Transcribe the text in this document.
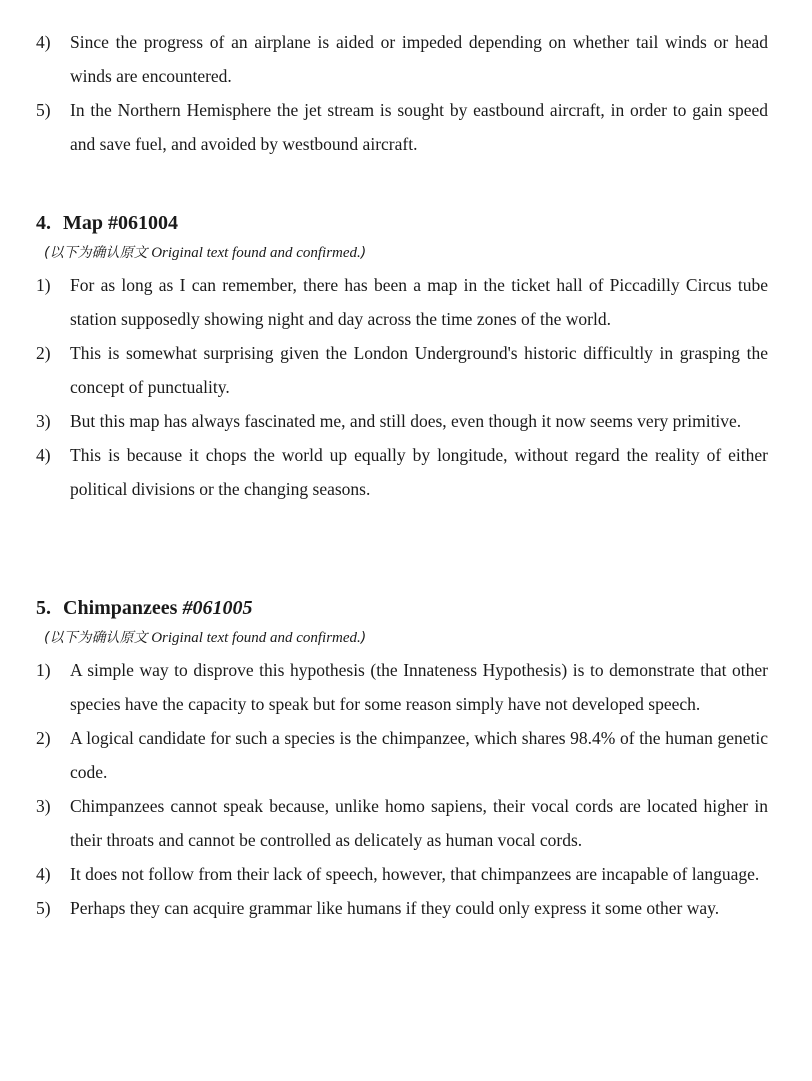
4) Since the progress of an airplane is aided or impeded depending on whether tail winds or head winds are encountered.
5) In the Northern Hemisphere the jet stream is sought by eastbound aircraft, in order to gain speed and save fuel, and avoided by westbound aircraft.
4. Map #061004
(以下为确认原文 Original text found and confirmed.)
1) For as long as I can remember, there has been a map in the ticket hall of Piccadilly Circus tube station supposedly showing night and day across the time zones of the world.
2) This is somewhat surprising given the London Underground's historic difficultly in grasping the concept of punctuality.
3) But this map has always fascinated me, and still does, even though it now seems very primitive.
4) This is because it chops the world up equally by longitude, without regard the reality of either political divisions or the changing seasons.
5. Chimpanzees #061005
(以下为确认原文 Original text found and confirmed.)
1) A simple way to disprove this hypothesis (the Innateness Hypothesis) is to demonstrate that other species have the capacity to speak but for some reason simply have not developed speech.
2) A logical candidate for such a species is the chimpanzee, which shares 98.4% of the human genetic code.
3) Chimpanzees cannot speak because, unlike homo sapiens, their vocal cords are located higher in their throats and cannot be controlled as delicately as human vocal cords.
4) It does not follow from their lack of speech, however, that chimpanzees are incapable of language.
5) Perhaps they can acquire grammar like humans if they could only express it some other way.
